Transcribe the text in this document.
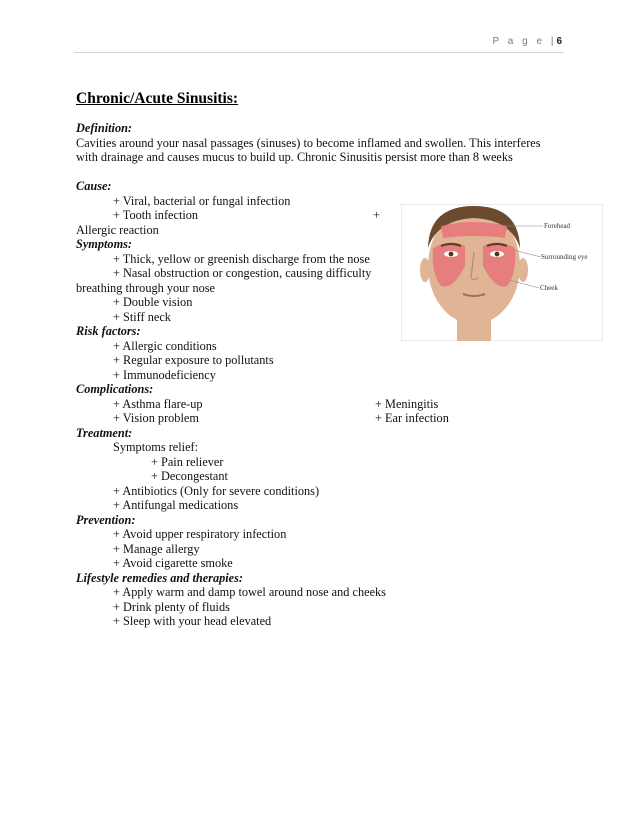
P a g e |6
Chronic/Acute Sinusitis:
Definition:
Cavities around your nasal passages (sinuses) to become inflamed and swollen. This interferes
with drainage and causes mucus to build up. Chronic Sinusitis persist more than 8 weeks
Cause:
+ Viral, bacterial or fungal infection
+ Tooth infection	+
Allergic reaction
Symptoms:
+ Thick, yellow or greenish discharge from the nose
+ Nasal obstruction or congestion, causing difficulty
breathing through your nose
+ Double vision
+ Stiff neck
Risk factors:
+ Allergic conditions
+ Regular exposure to pollutants
+ Immunodeficiency
Complications:
+ Asthma flare-up	+ Meningitis
+ Vision problem	+ Ear infection
Treatment:
Symptoms relief:
+ Pain reliever
+ Decongestant
+ Antibiotics (Only for severe conditions)
+ Antifungal medications
Prevention:
+ Avoid upper respiratory infection
+ Manage allergy
+ Avoid cigarette smoke
Lifestyle remedies and therapies:
+ Apply warm and damp towel around nose and cheeks
+ Drink plenty of fluids
+ Sleep with your head elevated
Forehead
Surrounding eye
Cheek
